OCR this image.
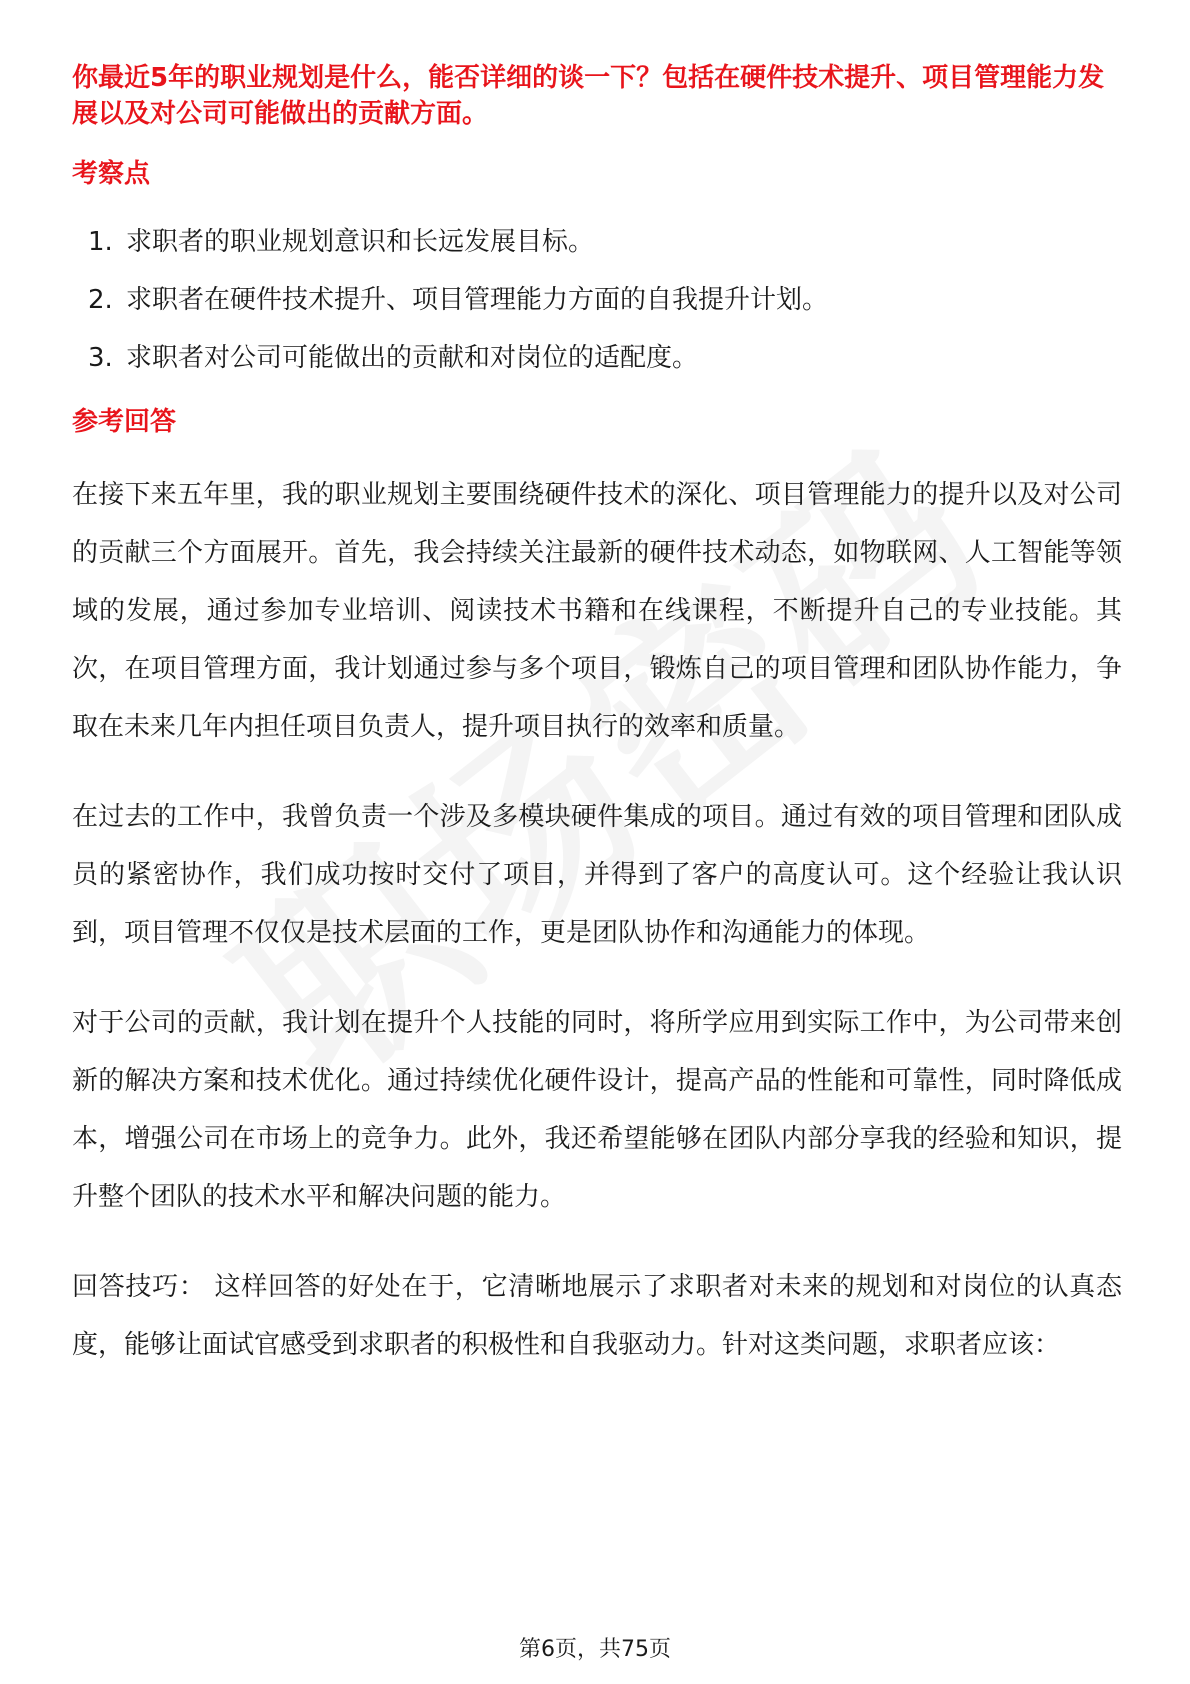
你最近5年的职业规划是什么，能否详细的谈一下？包括在硬件技术提升、项目管理能力发展以及对公司可能做出的贡献方面。

考察点
1. 求职者的职业规划意识和长远发展目标。
2. 求职者在硬件技术提升、项目管理能力方面的自我提升计划。
3. 求职者对公司可能做出的贡献和对岗位的适配度。
参考回答

在接下来五年里，我的职业规划主要围绕硬件技术的深化、项目管理能力的提升以及对公司的贡献三个方面展开。首先，我会持续关注最新的硬件技术动态，如物联网、人工智能等领域的发展，通过参加专业培训、阅读技术书籍和在线课程，不断提升自己的专业技能。其次，在项目管理方面，我计划通过参与多个项目，锻炼自己的项目管理和团队协作能力，争取在未来几年内担任项目负责人，提升项目执行的效率和质量。

在过去的工作中，我曾负责一个涉及多模块硬件集成的项目。通过有效的项目管理和团队成员的紧密协作，我们成功按时交付了项目，并得到了客户的高度认可。这个经验让我认识到，项目管理不仅仅是技术层面的工作，更是团队协作和沟通能力的体现。

对于公司的贡献，我计划在提升个人技能的同时，将所学应用到实际工作中，为公司带来创新的解决方案和技术优化。通过持续优化硬件设计，提高产品的性能和可靠性，同时降低成本，增强公司在市场上的竞争力。此外，我还希望能够在团队内部分享我的经验和知识，提升整个团队的技术水平和解决问题的能力。

回答技巧： 这样回答的好处在于，它清晰地展示了求职者对未来的规划和对岗位的认真态度，能够让面试官感受到求职者的积极性和自我驱动力。针对这类问题，求职者应该：

第6页，共75页
